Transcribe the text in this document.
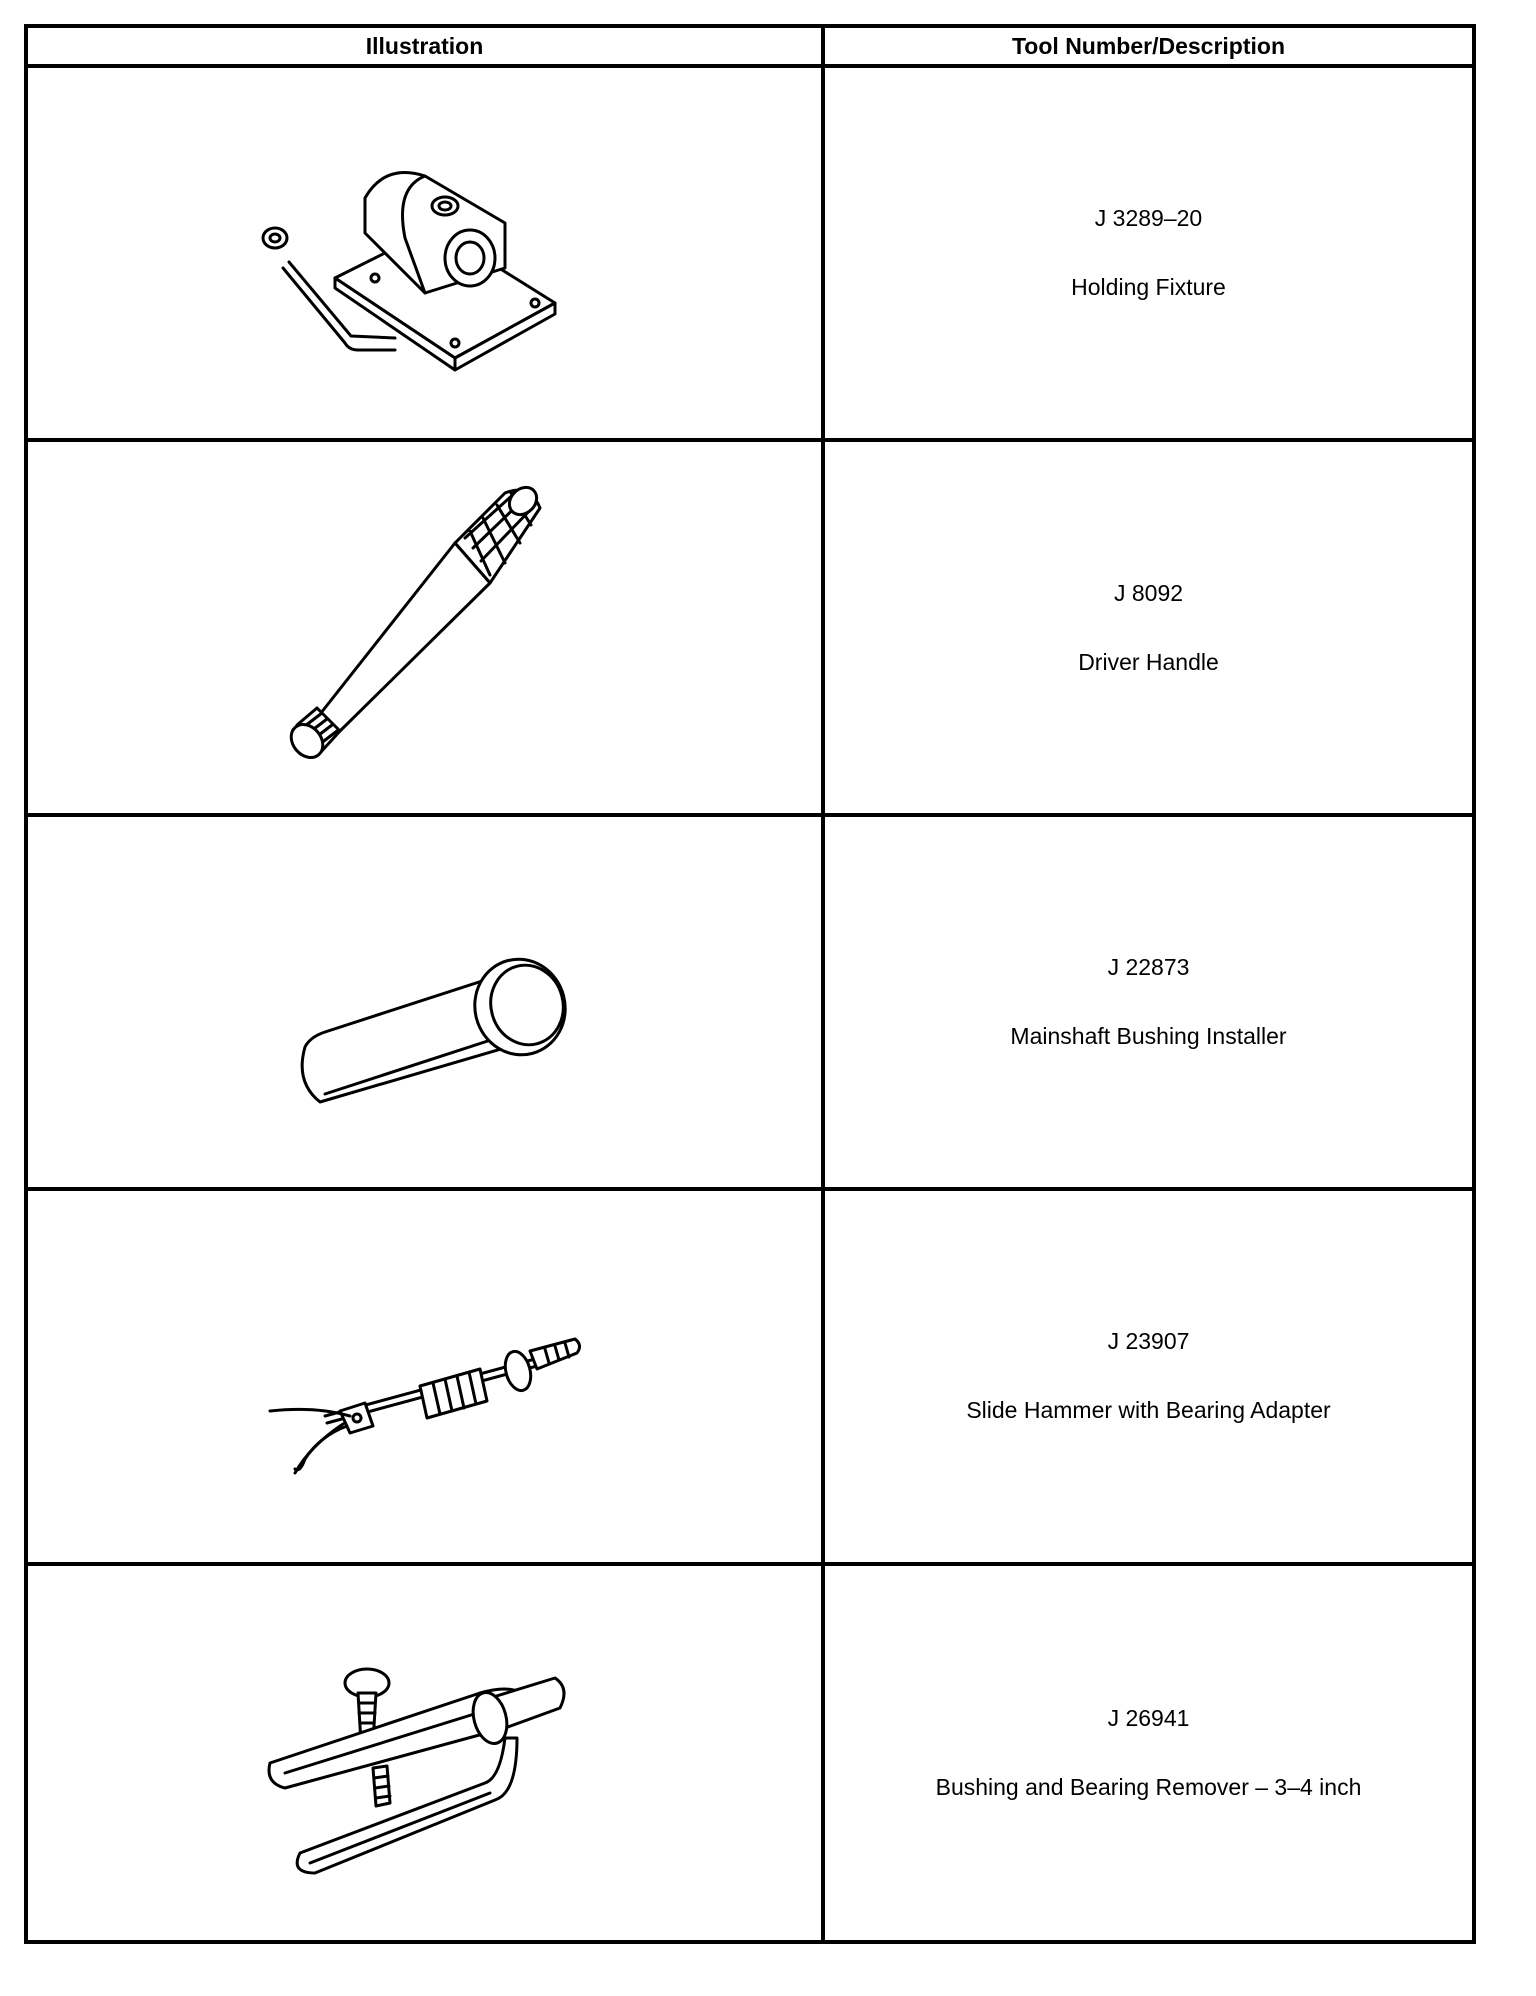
Illustration	Tool Number/Description
J 3289–20
Holding Fixture
J 8092
Driver Handle
J 22873
Mainshaft Bushing Installer
J 23907
Slide Hammer with Bearing Adapter
J 26941
Bushing and Bearing Remover – 3–4 inch
